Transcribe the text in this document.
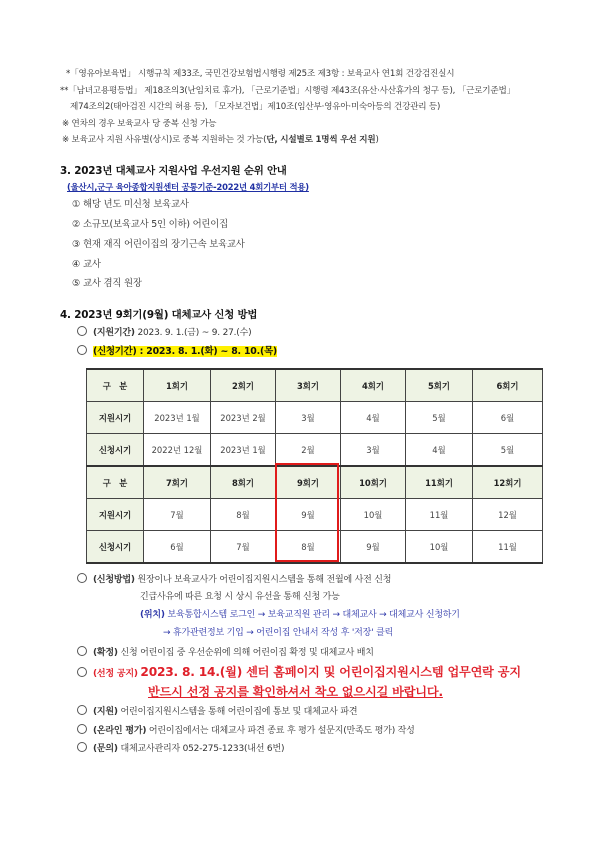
*「영유아보육법」 시행규칙 제33조, 국민건강보험법시행령 제25조 제3항 : 보육교사 연1회 건강검진실시
**「남녀고용평등법」 제18조의3(난임치료 휴가), 「근로기준법」시행령 제43조(유산·사산휴가의 청구 등), 「근로기준법」
제74조의2(태아검진 시간의 허용 등), 「모자보건법」제10조(임산부·영유아·미숙아등의 건강관리 등)
※ 연차의 경우 보육교사 당 중복 신청 가능
※ 보육교사 지원 사유별(상시)로 중복 지원하는 것 가능(단, 시설별로 1명씩 우선 지원)
3. 2023년 대체교사 지원사업 우선지원 순위 안내
(울산시,군구 육아종합지원센터 공통기준-2022년 4회기부터 적용)
① 해당 년도 미신청 보육교사
② 소규모(보육교사 5인 이하) 어린이집
③ 현재 재직 어린이집의 장기근속 보육교사
④ 교사
⑤ 교사 겸직 원장
4. 2023년 9회기(9월) 대체교사 신청 방법
(지원기간) 2023. 9. 1.(금) ~ 9. 27.(수)
(신청기간) : 2023. 8. 1.(화) ~ 8. 10.(목)
구　분	1회기	2회기	3회기	4회기	5회기	6회기
지원시기	2023년 1월	2023년 2월	3월	4월	5월	6월
신청시기	2022년 12월	2023년 1월	2월	3월	4월	5월
구　분	7회기	8회기	9회기	10회기	11회기	12회기
지원시기	7월	8월	9월	10월	11월	12월
신청시기	6월	7월	8월	9월	10월	11월
(신청방법) 원장이나 보육교사가 어린이집지원시스템을 통해 전월에 사전 신청
긴급사유에 따른 요청 시 상시 유선을 통해 신청 가능
(위치) 보육통합시스템 로그인 → 보육교직원 관리 → 대체교사 → 대체교사 신청하기
→ 휴가관련정보 기입 → 어린이집 안내서 작성 후 '저장' 클릭
(확정) 신청 어린이집 중 우선순위에 의해 어린이집 확정 및 대체교사 배치
(선정 공지) 2023. 8. 14.(월) 센터 홈페이지 및 어린이집지원시스템 업무연락 공지
반드시 선정 공지를 확인하셔서 착오 없으시길 바랍니다.
(지원) 어린이집지원시스템을 통해 어린이집에 통보 및 대체교사 파견
(온라인 평가) 어린이집에서는 대체교사 파견 종료 후 평가 설문지(만족도 평가) 작성
(문의) 대체교사관리자 052-275-1233(내선 6번)
